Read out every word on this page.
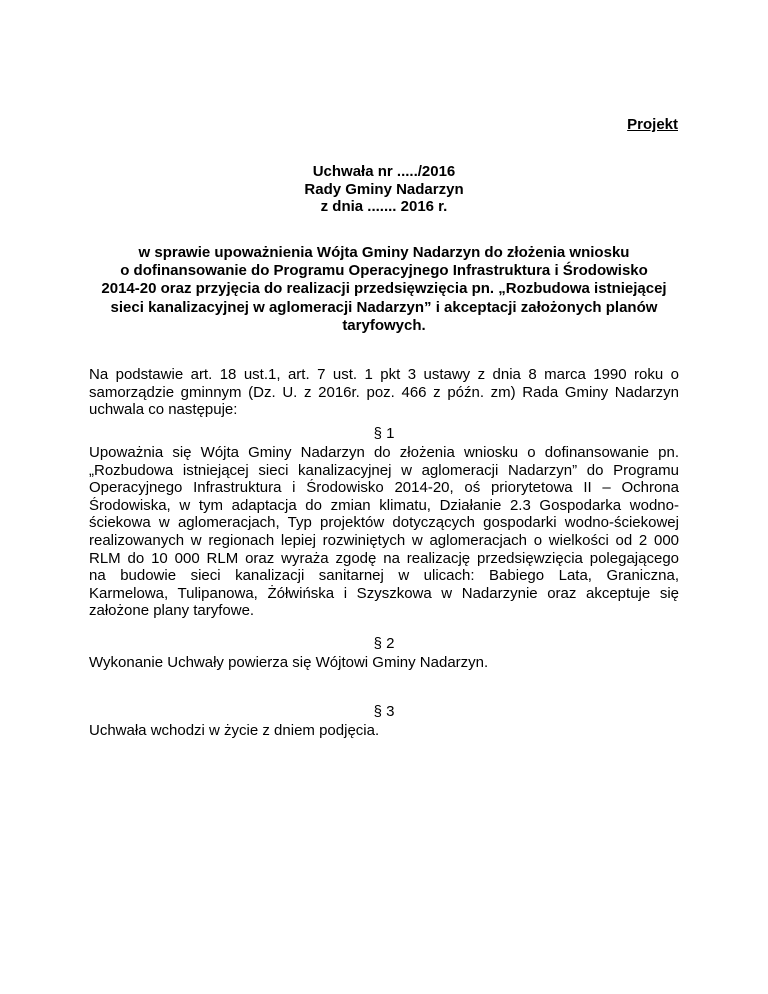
Projekt
Uchwała nr ...../2016
Rady Gminy Nadarzyn
z dnia ....... 2016 r.
w sprawie upoważnienia Wójta Gminy Nadarzyn do złożenia wniosku
o dofinansowanie do Programu Operacyjnego Infrastruktura i Środowisko
2014-20 oraz przyjęcia do realizacji przedsięwzięcia pn. „Rozbudowa istniejącej
sieci kanalizacyjnej w aglomeracji Nadarzyn” i akceptacji założonych planów
taryfowych.
Na podstawie art. 18 ust.1, art. 7 ust. 1 pkt 3 ustawy z dnia 8 marca 1990 roku o
samorządzie gminnym (Dz. U. z 2016r. poz. 466 z późn. zm) Rada Gminy Nadarzyn
uchwala co następuje:
§ 1
Upoważnia się Wójta Gminy Nadarzyn do złożenia wniosku o dofinansowanie pn.
„Rozbudowa istniejącej sieci kanalizacyjnej w aglomeracji Nadarzyn” do Programu
Operacyjnego Infrastruktura i Środowisko 2014-20, oś priorytetowa II – Ochrona
Środowiska, w tym adaptacja do zmian klimatu, Działanie 2.3 Gospodarka wodno-
ściekowa w aglomeracjach, Typ projektów dotyczących gospodarki wodno-ściekowej
realizowanych w regionach lepiej rozwiniętych w aglomeracjach o wielkości od 2 000
RLM do 10 000 RLM oraz wyraża zgodę na realizację przedsięwzięcia polegającego
na budowie sieci kanalizacji sanitarnej w ulicach: Babiego Lata, Graniczna,
Karmelowa, Tulipanowa, Żółwińska i Szyszkowa w Nadarzynie oraz akceptuje się
założone plany taryfowe.
§ 2
Wykonanie Uchwały powierza się Wójtowi Gminy Nadarzyn.
§ 3
Uchwała wchodzi w życie z dniem podjęcia.
